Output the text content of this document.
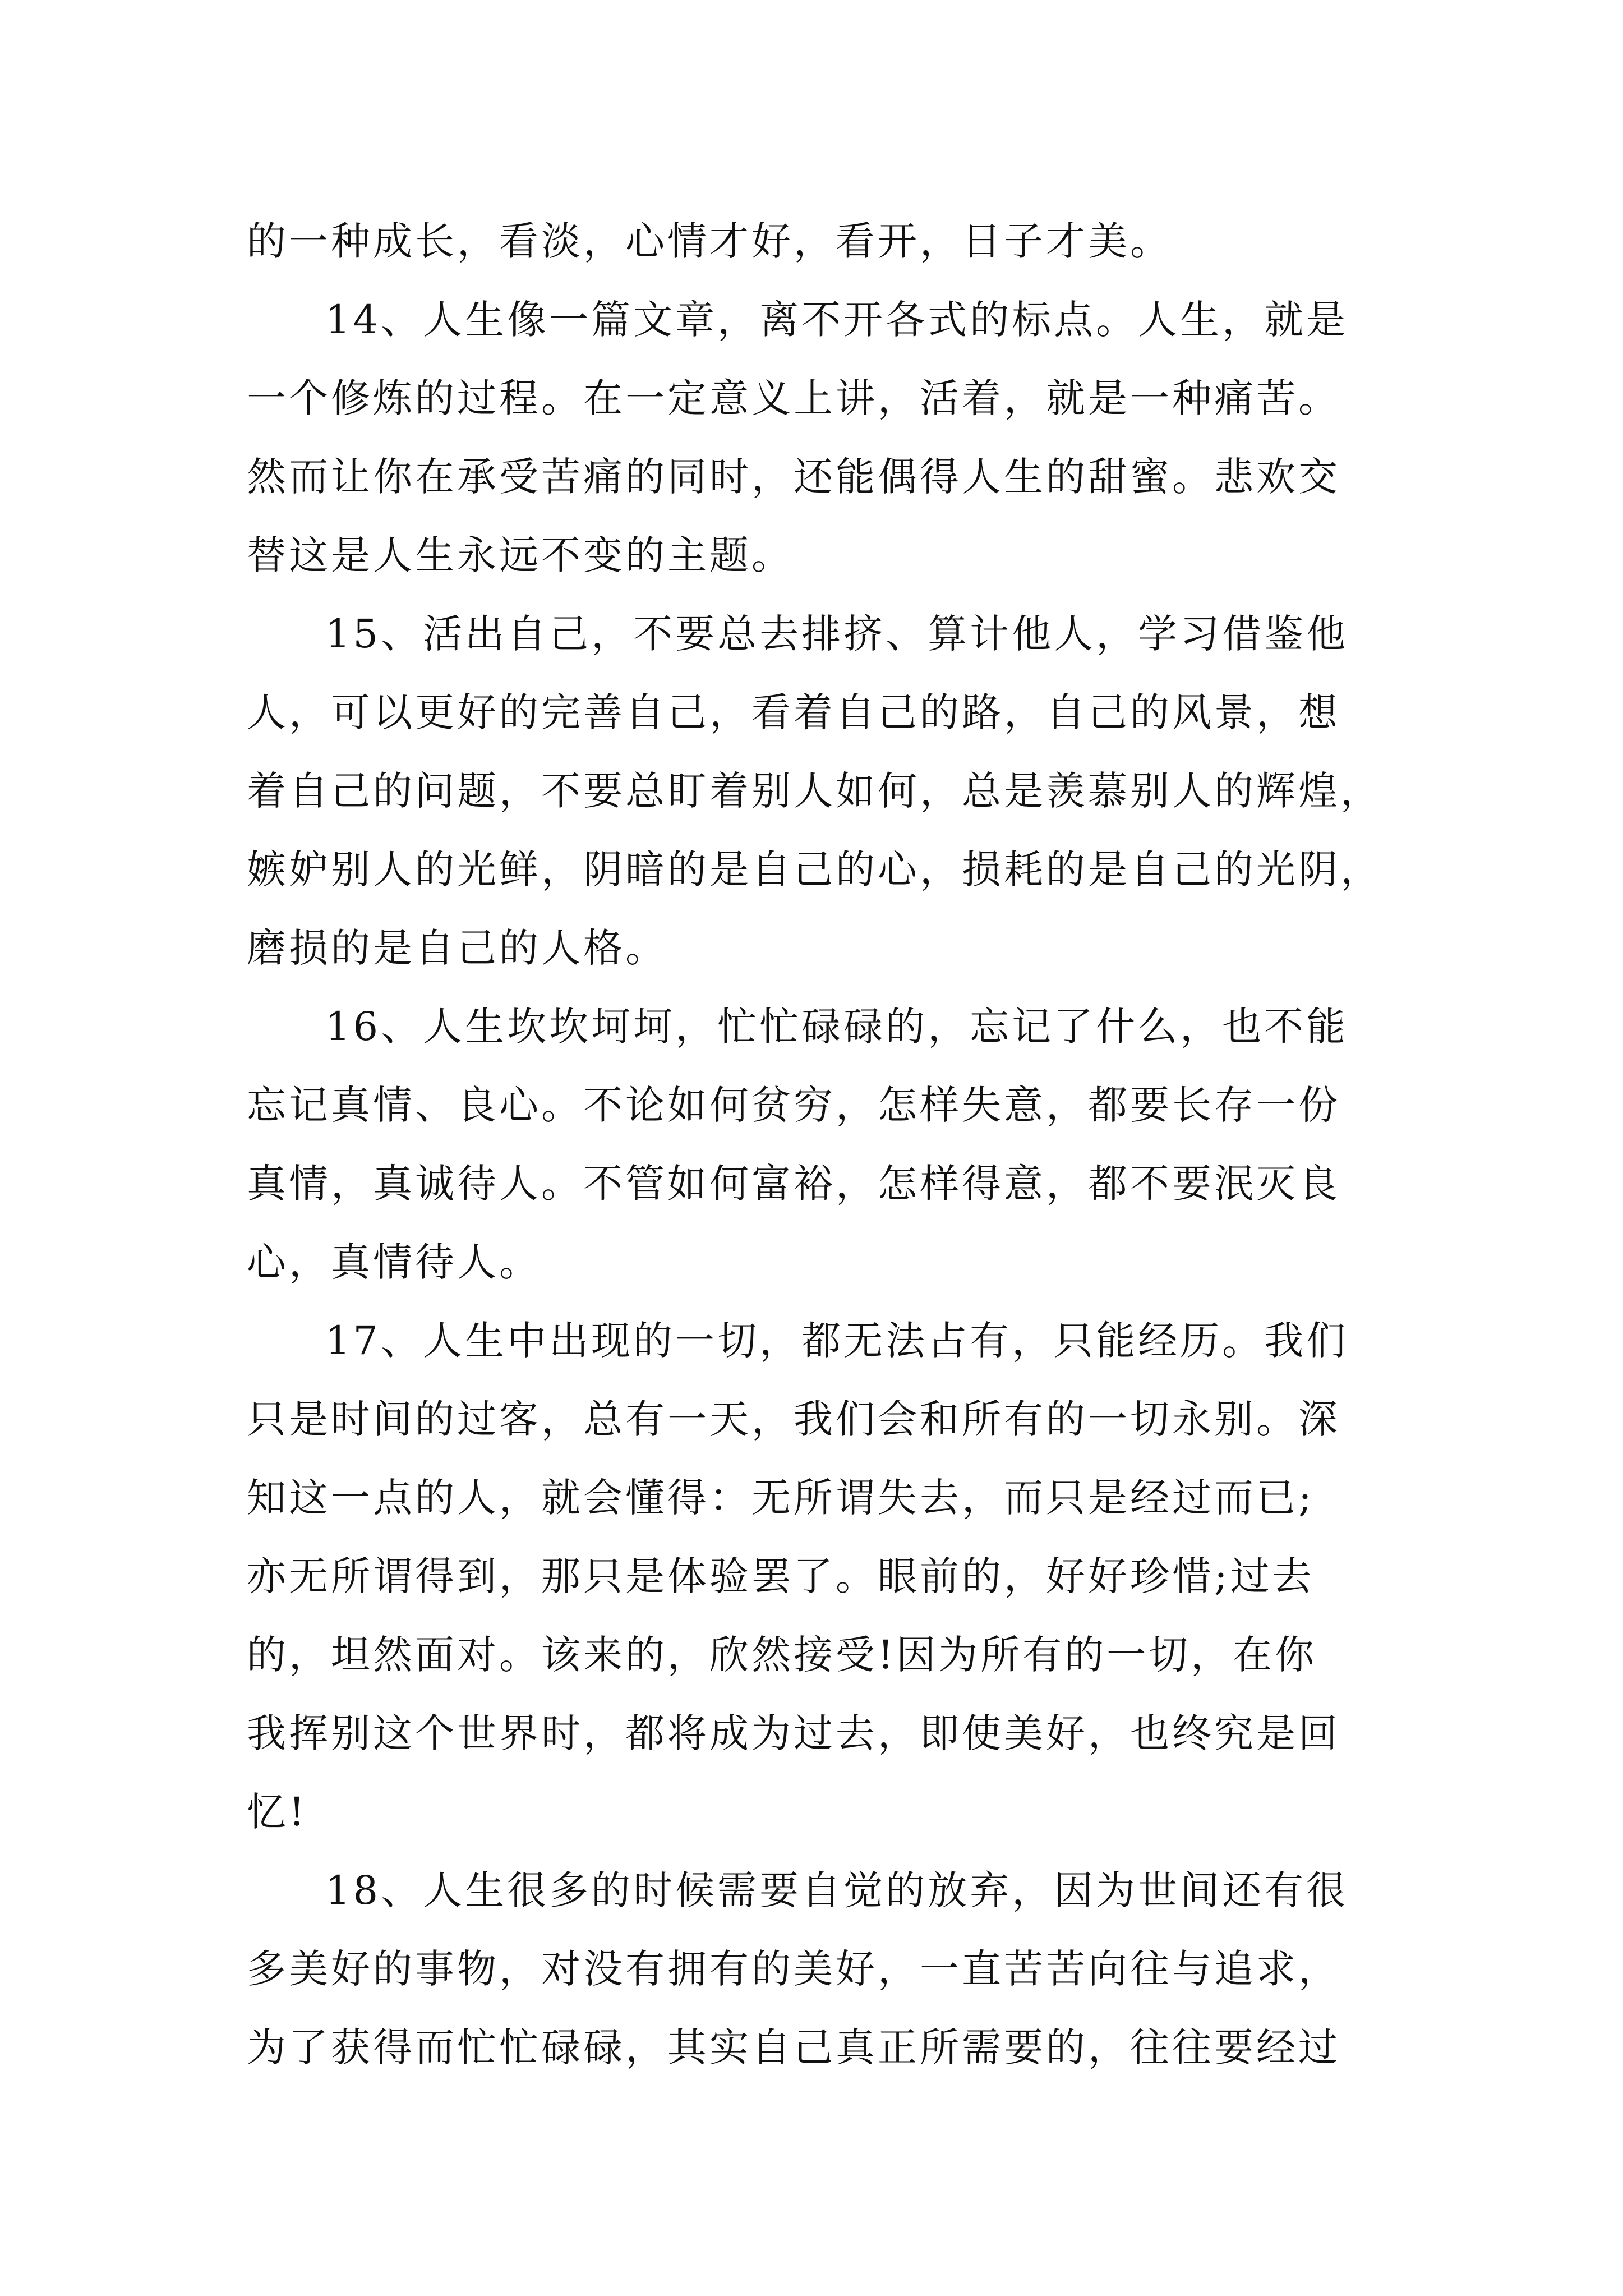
的一种成长，看淡，心情才好，看开，日子才美。
14、人生像一篇文章，离不开各式的标点。人生，就是
一个修炼的过程。在一定意义上讲，活着，就是一种痛苦。
然而让你在承受苦痛的同时，还能偶得人生的甜蜜。悲欢交
替这是人生永远不变的主题。
15、活出自己，不要总去排挤、算计他人，学习借鉴他
人，可以更好的完善自己，看着自己的路，自己的风景，想
着自己的问题，不要总盯着别人如何，总是羡慕别人的辉煌，
嫉妒别人的光鲜，阴暗的是自己的心，损耗的是自己的光阴，
磨损的是自己的人格。
16、人生坎坎坷坷，忙忙碌碌的，忘记了什么，也不能
忘记真情、良心。不论如何贫穷，怎样失意，都要长存一份
真情，真诚待人。不管如何富裕，怎样得意，都不要泯灭良
心，真情待人。
17、人生中出现的一切，都无法占有，只能经历。我们
只是时间的过客，总有一天，我们会和所有的一切永别。深
知这一点的人，就会懂得：无所谓失去，而只是经过而已;
亦无所谓得到，那只是体验罢了。眼前的，好好珍惜;过去
的，坦然面对。该来的，欣然接受!因为所有的一切，在你
我挥别这个世界时，都将成为过去，即使美好，也终究是回
忆!
18、人生很多的时候需要自觉的放弃，因为世间还有很
多美好的事物，对没有拥有的美好，一直苦苦向往与追求，
为了获得而忙忙碌碌，其实自己真正所需要的，往往要经过
